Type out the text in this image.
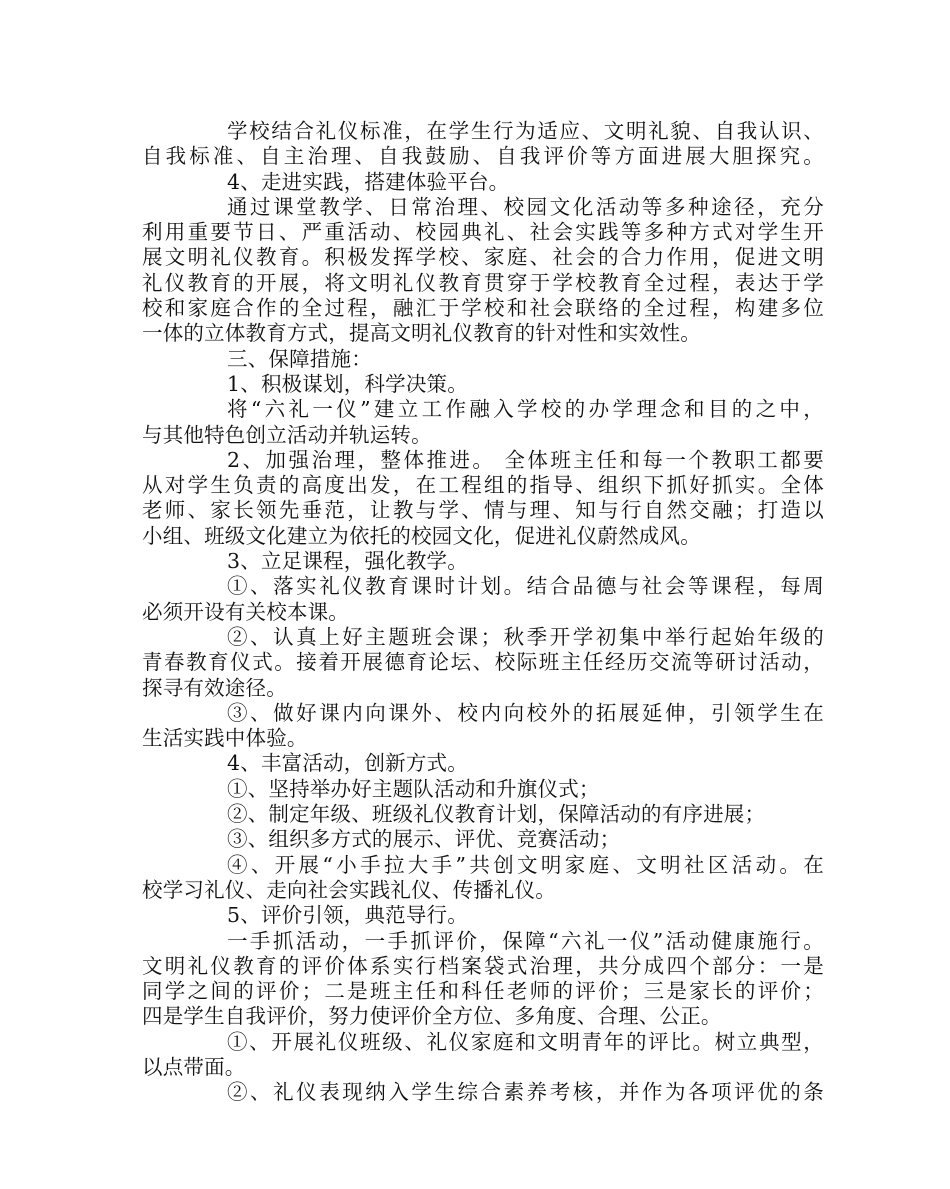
学校结合礼仪标准，在学生行为适应、文明礼貌、自我认识、
自我标准、自主治理、自我鼓励、自我评价等方面进展大胆探究。
4、走进实践，搭建体验平台。
通过课堂教学、日常治理、校园文化活动等多种途径，充分
利用重要节日、严重活动、校园典礼、社会实践等多种方式对学生开
展文明礼仪教育。积极发挥学校、家庭、社会的合力作用，促进文明
礼仪教育的开展，将文明礼仪教育贯穿于学校教育全过程，表达于学
校和家庭合作的全过程，融汇于学校和社会联络的全过程，构建多位
一体的立体教育方式，提高文明礼仪教育的针对性和实效性。
三、保障措施：
1、积极谋划，科学决策。
将“六礼一仪”建立工作融入学校的办学理念和目的之中，
与其他特色创立活动并轨运转。
2、加强治理，整体推进。 全体班主任和每一个教职工都要
从对学生负责的高度出发，在工程组的指导、组织下抓好抓实。全体
老师、家长领先垂范，让教与学、情与理、知与行自然交融；打造以
小组、班级文化建立为依托的校园文化，促进礼仪蔚然成风。
3、立足课程，强化教学。
①、落实礼仪教育课时计划。结合品德与社会等课程，每周
必须开设有关校本课。
②、认真上好主题班会课；秋季开学初集中举行起始年级的
青春教育仪式。接着开展德育论坛、校际班主任经历交流等研讨活动，
探寻有效途径。
③、做好课内向课外、校内向校外的拓展延伸，引领学生在
生活实践中体验。
4、丰富活动，创新方式。
①、坚持举办好主题队活动和升旗仪式；
②、制定年级、班级礼仪教育计划，保障活动的有序进展；
③、组织多方式的展示、评优、竞赛活动；
④、开展“小手拉大手”共创文明家庭、文明社区活动。在
校学习礼仪、走向社会实践礼仪、传播礼仪。
5、评价引领，典范导行。
一手抓活动，一手抓评价，保障“六礼一仪”活动健康施行。
文明礼仪教育的评价体系实行档案袋式治理，共分成四个部分：一是
同学之间的评价；二是班主任和科任老师的评价；三是家长的评价；
四是学生自我评价，努力使评价全方位、多角度、合理、公正。
①、开展礼仪班级、礼仪家庭和文明青年的评比。树立典型，
以点带面。
②、礼仪表现纳入学生综合素养考核，并作为各项评优的条
